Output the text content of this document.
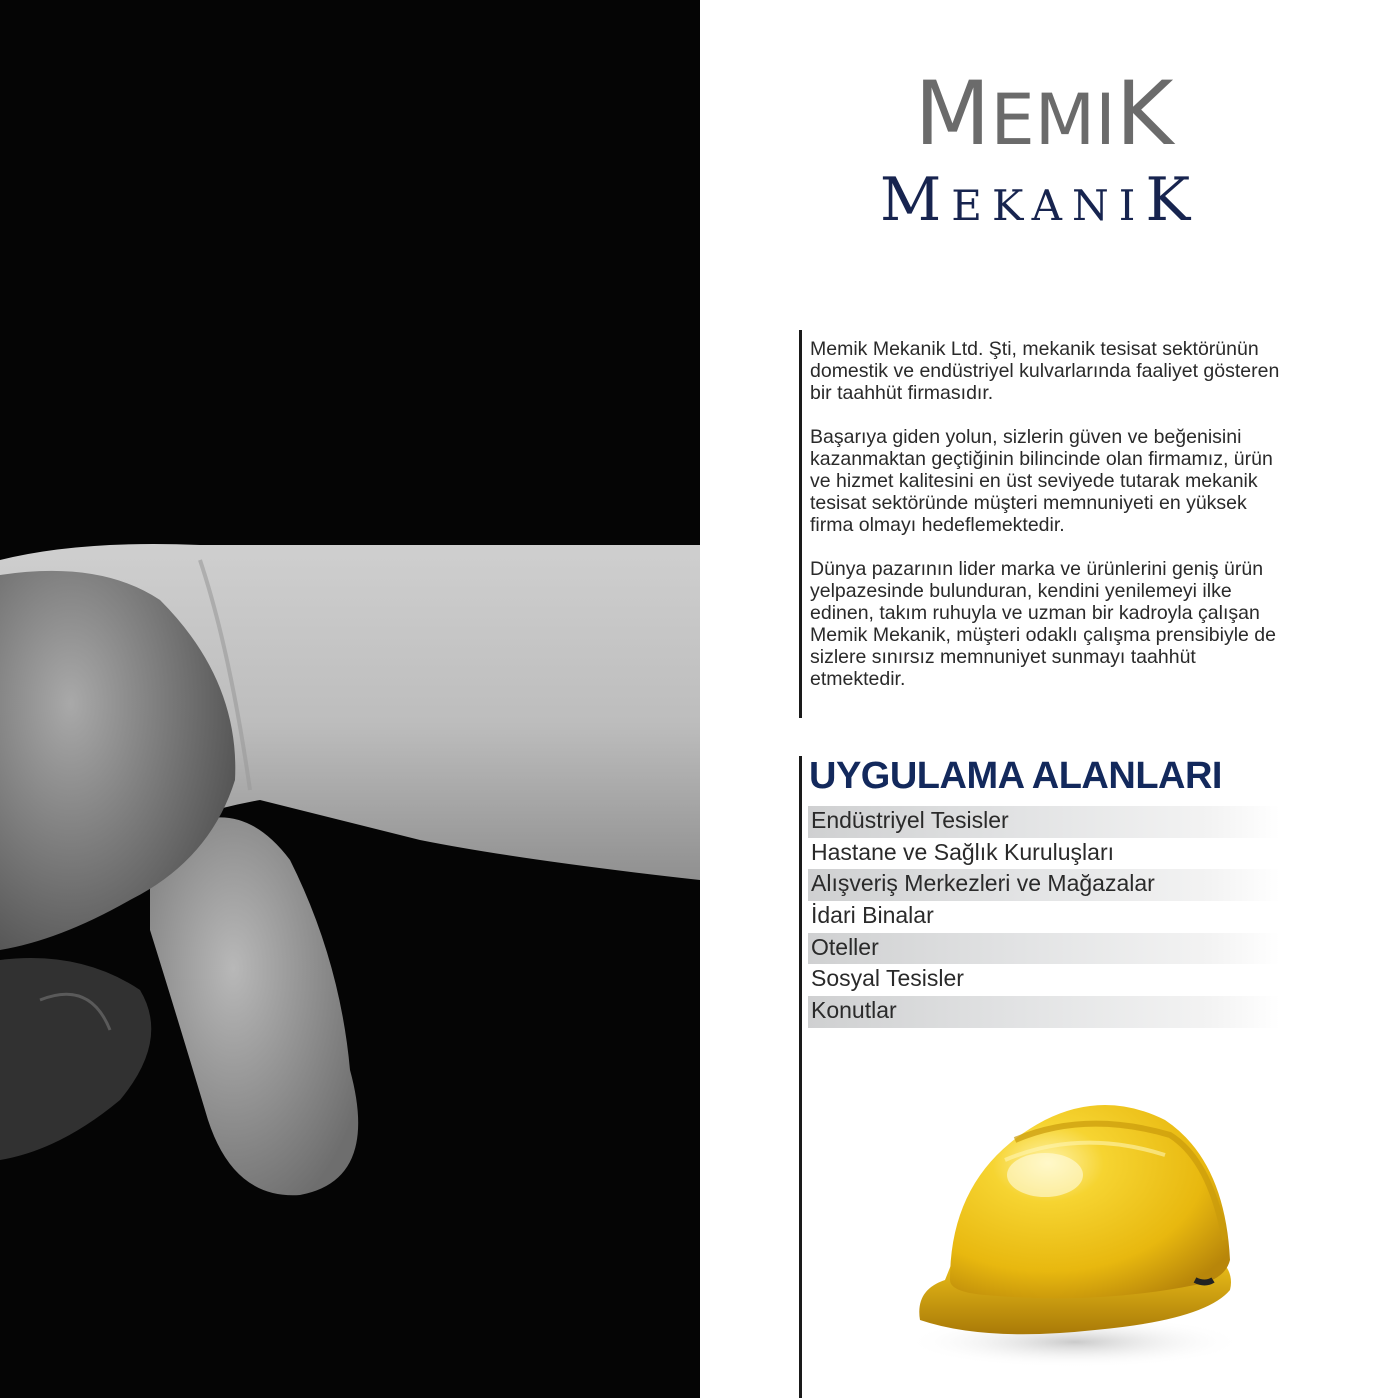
MEMIK
MEKANIK

Memik Mekanik Ltd. Şti, mekanik tesisat sektörünün domestik ve endüstriyel kulvarlarında faaliyet gösteren bir taahhüt firmasıdır.

Başarıya giden yolun, sizlerin güven ve beğenisini kazanmaktan geçtiğinin bilincinde olan firmamız, ürün ve hizmet kalitesini en üst seviyede tutarak mekanik tesisat sektöründe müşteri memnuniyeti en yüksek firma olmayı hedeflemektedir.

Dünya pazarının lider marka ve ürünlerini geniş ürün yelpazesinde bulunduran, kendini yenilemeyi ilke edinen, takım ruhuyla ve uzman bir kadroyla çalışan Memik Mekanik, müşteri odaklı çalışma prensibiyle de sizlere sınırsız memnuniyet sunmayı taahhüt etmektedir.

UYGULAMA ALANLARI
Endüstriyel Tesisler
Hastane ve Sağlık Kuruluşları
Alışveriş Merkezleri ve Mağazalar
İdari Binalar
Oteller
Sosyal Tesisler
Konutlar
